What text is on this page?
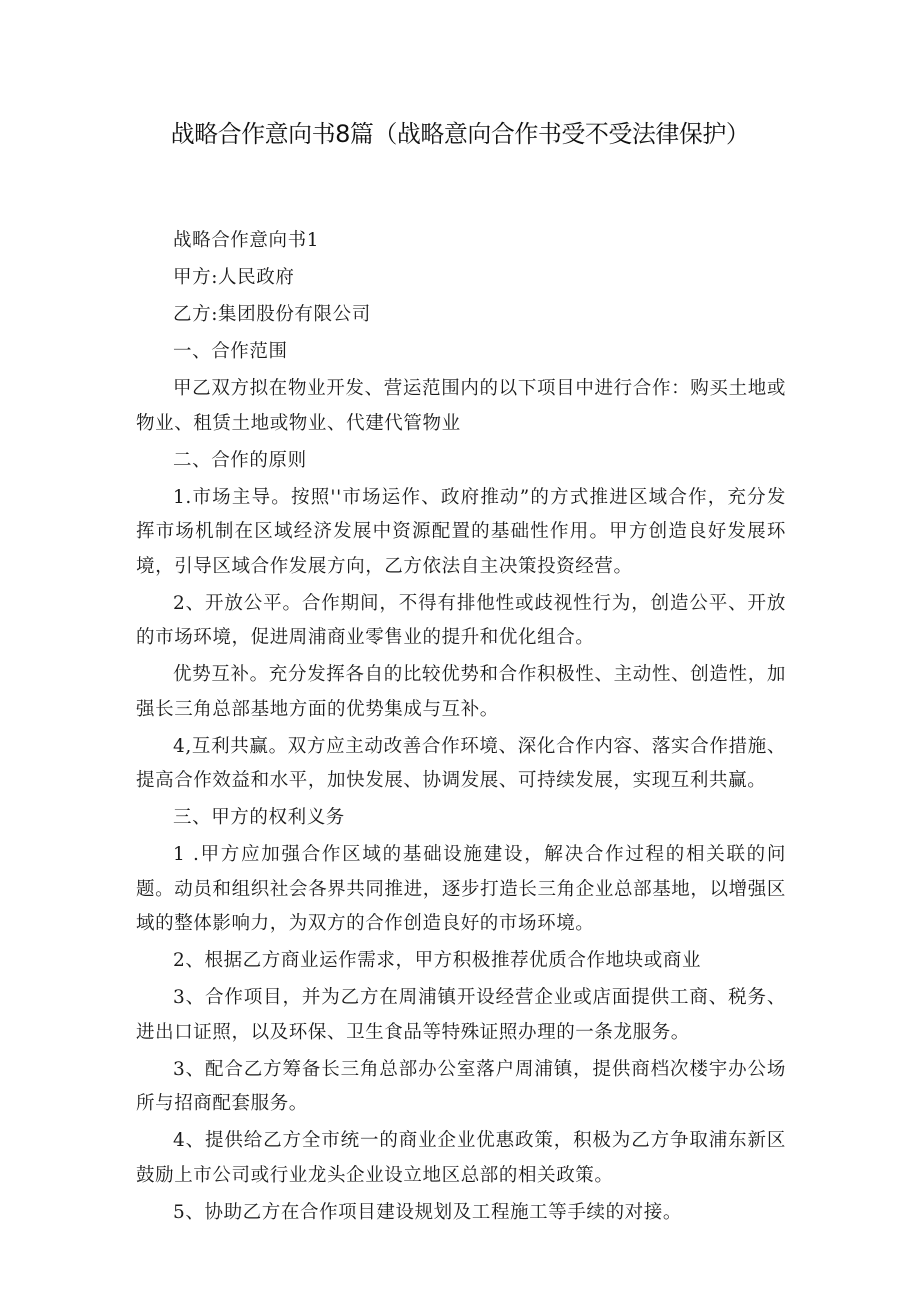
战略合作意向书8篇（战略意向合作书受不受法律保护）

战略合作意向书1

甲方:人民政府

乙方:集团股份有限公司

一、合作范围

甲乙双方拟在物业开发、营运范围内的以下项目中进行合作：购买土地或物业、租赁土地或物业、代建代管物业

二、合作的原则

1.市场主导。按照''市场运作、政府推动”的方式推进区域合作，充分发挥市场机制在区域经济发展中资源配置的基础性作用。甲方创造良好发展环境，引导区域合作发展方向，乙方依法自主决策投资经营。

2、开放公平。合作期间，不得有排他性或歧视性行为，创造公平、开放的市场环境，促进周浦商业零售业的提升和优化组合。

优势互补。充分发挥各自的比较优势和合作积极性、主动性、创造性，加强长三角总部基地方面的优势集成与互补。

4,互利共赢。双方应主动改善合作环境、深化合作内容、落实合作措施、提高合作效益和水平，加快发展、协调发展、可持续发展，实现互利共赢。

三、甲方的权利义务

1 .甲方应加强合作区域的基础设施建设，解决合作过程的相关联的问题。动员和组织社会各界共同推进，逐步打造长三角企业总部基地，以增强区域的整体影响力，为双方的合作创造良好的市场环境。

2、根据乙方商业运作需求，甲方积极推荐优质合作地块或商业

3、合作项目，并为乙方在周浦镇开设经营企业或店面提供工商、税务、进出口证照，以及环保、卫生食品等特殊证照办理的一条龙服务。

3、配合乙方筹备长三角总部办公室落户周浦镇，提供商档次楼宇办公场所与招商配套服务。

4、提供给乙方全市统一的商业企业优惠政策，积极为乙方争取浦东新区鼓励上市公司或行业龙头企业设立地区总部的相关政策。

5、协助乙方在合作项目建设规划及工程施工等手续的对接。
